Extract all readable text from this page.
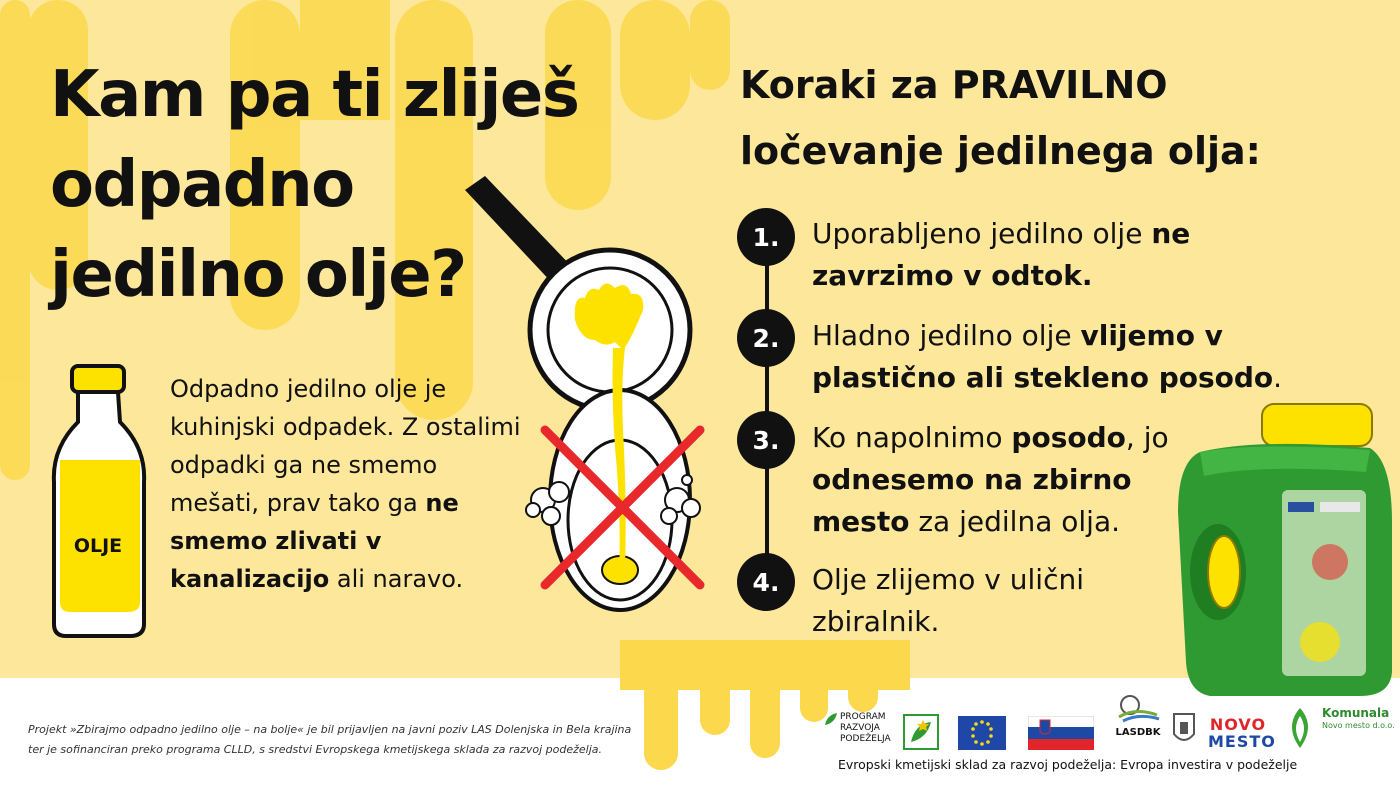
Kam pa ti zliješ
odpadno
jedilno olje?
OLJE

Odpadno jedilno olje je kuhinjski odpadek. Z ostalimi odpadki ga ne smemo mešati, prav tako ga ne smemo zlivati v kanalizacijo ali naravo.

Koraki za PRAVILNO
ločevanje jedilnega olja:
1.
2.
3.
4.
Uporabljeno jedilno olje ne zavrzimo v odtok.
Hladno jedilno olje vlijemo v plastično ali stekleno posodo.
Ko napolnimo posodo, jo odnesemo na zbirno mesto za jedilna olja.
Olje zlijemo v ulični zbiralnik.

Projekt »Zbirajmo odpadno jedilno olje – na bolje« je bil prijavljen na javni poziv LAS Dolenjska in Bela krajina
ter je sofinanciran preko programa CLLD, s sredstvi Evropskega kmetijskega sklada za razvoj podeželja.

PROGRAM
RAZVOJA
PODEŽELJA
LASDBK	NOVO
MESTO
Komunala
Novo mesto d.o.o.
Evropski kmetijski sklad za razvoj podeželja: Evropa investira v podeželje
